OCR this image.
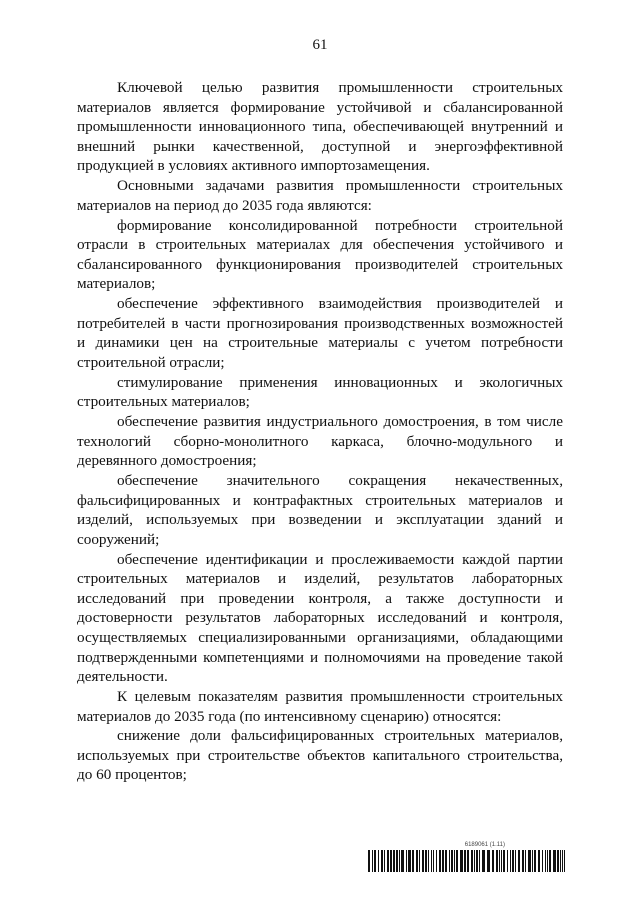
61

Ключевой целью развития промышленности строительных материалов является формирование устойчивой и сбалансированной промышленности инновационного типа, обеспечивающей внутренний и внешний рынки качественной, доступной и энергоэффективной продукцией в условиях активного импортозамещения.

Основными задачами развития промышленности строительных материалов на период до 2035 года являются:

формирование консолидированной потребности строительной отрасли в строительных материалах для обеспечения устойчивого и сбалансированного функционирования производителей строительных материалов;

обеспечение эффективного взаимодействия производителей и потребителей в части прогнозирования производственных возможностей и динамики цен на строительные материалы с учетом потребности строительной отрасли;

стимулирование применения инновационных и экологичных строительных материалов;

обеспечение развития индустриального домостроения, в том числе технологий сборно-монолитного каркаса, блочно-модульного и деревянного домостроения;

обеспечение значительного сокращения некачественных, фальсифицированных и контрафактных строительных материалов и изделий, используемых при возведении и эксплуатации зданий и сооружений;

обеспечение идентификации и прослеживаемости каждой партии строительных материалов и изделий, результатов лабораторных исследований при проведении контроля, а также доступности и достоверности результатов лабораторных исследований и контроля, осуществляемых специализированными организациями, обладающими подтвержденными компетенциями и полномочиями на проведение такой деятельности.

К целевым показателям развития промышленности строительных материалов до 2035 года (по интенсивному сценарию) относятся:

снижение доли фальсифицированных строительных материалов, используемых при строительстве объектов капитального строительства, до 60 процентов;

6189061 (1.11)
